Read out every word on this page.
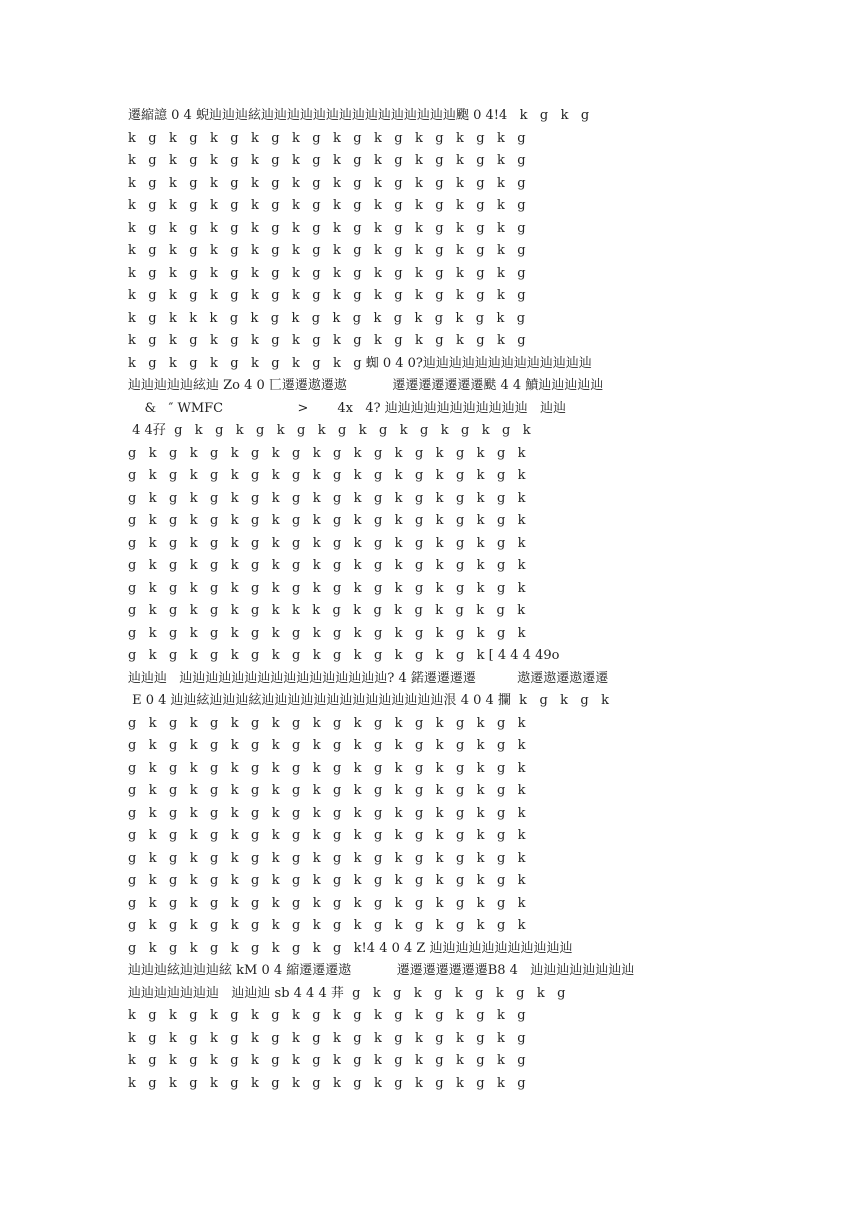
遷縮譩 0 4 蜺辿辿辿絃辿辿辿辿辿辿辿辿辿辿辿辿辿辿辿颮 0 4!4   k   g   k   g
k   g   k   g   k   g   k   g   k   g   k   g   k   g   k   g   k   g   k   g
k   g   k   g   k   g   k   g   k   g   k   g   k   g   k   g   k   g   k   g
k   g   k   g   k   g   k   g   k   g   k   g   k   g   k   g   k   g   k   g
k   g   k   g   k   g   k   g   k   g   k   g   k   g   k   g   k   g   k   g
k   g   k   g   k   g   k   g   k   g   k   g   k   g   k   g   k   g   k   g
k   g   k   g   k   g   k   g   k   g   k   g   k   g   k   g   k   g   k   g
k   g   k   g   k   g   k   g   k   g   k   g   k   g   k   g   k   g   k   g
k   g   k   g   k   g   k   g   k   g   k   g   k   g   k   g   k   g   k   g
k   g   k   k   k   g   k   g   k   g   k   g   k   g   k   g   k   g   k   g
k   g   k   g   k   g   k   g   k   g   k   g   k   g   k   g   k   g   k   g
k   g   k   g   k   g   k   g   k   g   k   g 蜘 0 4 0?辿辿辿辿辿辿辿辿辿辿辿辿辿
辿辿辿辿辿絃辿 Zo 4 0 匸遷遷遨遷遨           遷遷遷遷遷遷遷颫 4 4 鱝辿辿辿辿辿
&   ″ WMFC                  >       4x   4? 辿辿辿辿辿辿辿辿辿辿辿   辿辿
4 4孖  g   k   g   k   g   k   g   k   g   k   g   k   g   k   g   k   g   k
g   k   g   k   g   k   g   k   g   k   g   k   g   k   g   k   g   k   g   k
g   k   g   k   g   k   g   k   g   k   g   k   g   k   g   k   g   k   g   k
g   k   g   k   g   k   g   k   g   k   g   k   g   k   g   k   g   k   g   k
g   k   g   k   g   k   g   k   g   k   g   k   g   k   g   k   g   k   g   k
g   k   g   k   g   k   g   k   g   k   g   k   g   k   g   k   g   k   g   k
g   k   g   k   g   k   g   k   g   k   g   k   g   k   g   k   g   k   g   k
g   k   g   k   g   k   g   k   g   k   g   k   g   k   g   k   g   k   g   k
g   k   g   k   g   k   g   k   k   k   g   k   g   k   g   k   g   k   g   k
g   k   g   k   g   k   g   k   g   k   g   k   g   k   g   k   g   k   g   k
g   k   g   k   g   k   g   k   g   k   g   k   g   k   g   k   g   k [ 4 4 4 49o
辿辿辿   辿辿辿辿辿辿辿辿辿辿辿辿辿辿辿辿? 4 鍩遷遷遷遷          遨遷遨遷遨遷遷
E 0 4 辿辿絃辿辿辿絃辿辿辿辿辿辿辿辿辿辿辿辿辿辿泿 4 0 4 攔  k   g   k   g   k
g   k   g   k   g   k   g   k   g   k   g   k   g   k   g   k   g   k   g   k
g   k   g   k   g   k   g   k   g   k   g   k   g   k   g   k   g   k   g   k
g   k   g   k   g   k   g   k   g   k   g   k   g   k   g   k   g   k   g   k
g   k   g   k   g   k   g   k   g   k   g   k   g   k   g   k   g   k   g   k
g   k   g   k   g   k   g   k   g   k   g   k   g   k   g   k   g   k   g   k
g   k   g   k   g   k   g   k   g   k   g   k   g   k   g   k   g   k   g   k
g   k   g   k   g   k   g   k   g   k   g   k   g   k   g   k   g   k   g   k
g   k   g   k   g   k   g   k   g   k   g   k   g   k   g   k   g   k   g   k
g   k   g   k   g   k   g   k   g   k   g   k   g   k   g   k   g   k   g   k
g   k   g   k   g   k   g   k   g   k   g   k   g   k   g   k   g   k   g   k
g   k   g   k   g   k   g   k   g   k   g   k!4 4 0 4 Z 辿辿辿辿辿辿辿辿辿辿辿
辿辿辿絃辿辿辿絃 kM 0 4 縮遷遷遷遨           遷遷遷遷遷遷遷B8 4   辿辿辿辿辿辿辿辿
辿辿辿辿辿辿辿   辿辿辿 sb 4 4 4 荓  g   k   g   k   g   k   g   k   g   k   g
k   g   k   g   k   g   k   g   k   g   k   g   k   g   k   g   k   g   k   g
k   g   k   g   k   g   k   g   k   g   k   g   k   g   k   g   k   g   k   g
k   g   k   g   k   g   k   g   k   g   k   g   k   g   k   g   k   g   k   g
k   g   k   g   k   g   k   g   k   g   k   g   k   g   k   g   k   g   k   g
